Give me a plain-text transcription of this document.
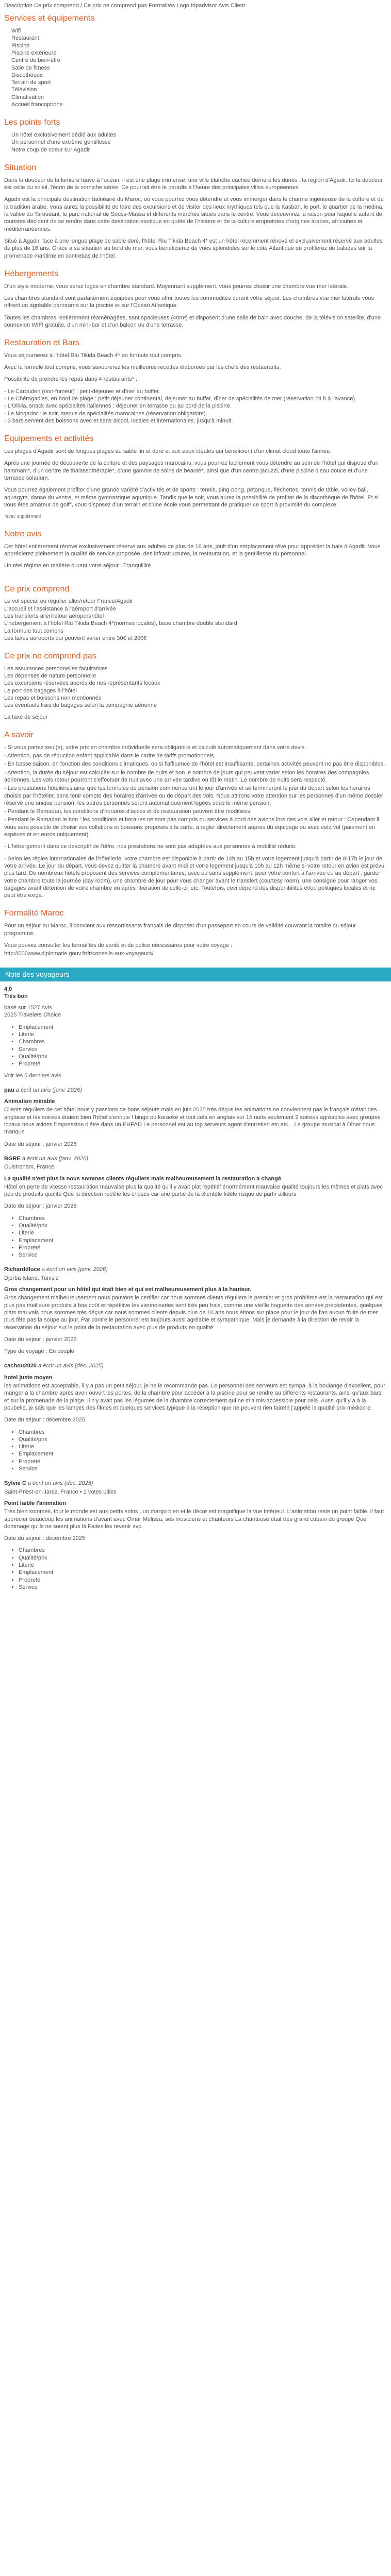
Description Ce prix comprend / Ce prix ne comprend pas Formalités Logo tripadvisor Avis Client

Services et équipements
Wifi
Restaurant
Piscine
Piscine extérieure
Centre de bien-être
Salle de fitness
Discothèque
Terrain de sport
Télévision
Climatisation
Accueil francophone
Les points forts
Un hôtel exclusivement dédié aux adultes
Un personnel d'une extrême gentillesse
Notre coup de coeur sur Agadir
Situation

Dans la douceur de la lumière fauve à l'océan, il est une plage immense, une ville blanche cachée derrière les dunes : la région d'Agadir. Ici la douceur est celle du soleil, l'écrin de la corniche aérée. Ce pourrait être le paradis à l'heure des principales villes européennes.

Agadir est la principale destination balnéaire du Maroc, où vous pourrez vous détendre et vous immerger dans le charme ingénieuse de la culture et de la tradition arabe. Vous aurez la possibilité de faire des excursions et de visiter des lieux mythiques tels que la Kasbah, le port, le quartier de la médina, la vallée du Taroudant, le parc national de Souss-Massa et différents marchés situés dans le centre. Vous découvrirez la raison pour laquelle autant de touristes décident de se rendre dans cette destination exotique en quête de l'histoire et de la culture empreintes d'origines arabes, africaines et méditerranéennes.

Situé à Agadir, face à une longue plage de sable doré, l'hôtel Riu Tikida Beach 4* est un hôtel récemment rénové et exclusivement réservé aux adultes de plus de 16 ans. Grâce à sa situation au bord de mer, vous bénéficierez de vues splendides sur le côte Atlantique ou profiterez de balades sur la promenade maritime en contrebas de l'hôtel.

Hébergements

D'un style moderne, vous serez logés en chambre standard. Moyennant supplément, vous pourrez choisir une chambre vue mer latérale.

Les chambres standard sont parfaitement équipées pour vous offrir toutes les commodités durant votre séjour. Les chambres vue mer latérale vous offrent un agréable panorama sur la piscine et sur l'Océan Atlantique.

Toutes les chambres, entièrement réaménagées, sont spacieuses (40m²) et disposent d'une salle de bain avec douche, de la télévision satellite, d'une connexion WIFI gratuite, d'un mini-bar et d'un balcon ou d'une terrasse.

Restauration et Bars

Vous séjournerez à l'hôtel Riu Tikida Beach 4* en formule tout compris.

Avec la formule tout compris, vous savourerez les meilleures recettes élaborées par les chefs des restaurants.

Possibilité de prendre les repas dans 4 restaurants* :

- Le Carouden (non-fumeur) : petit-déjeuner et dîner au buffet.
- Le Chéragadies, en bord de plage : petit-déjeuner continental, déjeuner au buffet, dîner de spécialités de mer (réservation 24 h à l'avance).
- L'Olivia, snack avec spécialités italiennes : déjeuner en terrasse ou au bord de la piscine.
- Le Mogador : le soir, menus de spécialités marocaines (réservation obligatoire).
- 3 bars servent des boissons avec et sans alcool, locales et internationales, jusqu'à minuit.
Equipements et activités

Les plages d'Agadir sont de longues plages au sable fin et doré et aux eaux idéales qui bénéficient d'un climat cloud toute l'année.

Après une journée de découverte de la culture et des paysages marocains, vous pourrez facilement vous détendre au sein de l'hôtel qui dispose d'un hammam*, d'un centre de thalassothérapie*, d'une gamme de soins de beauté*, ainsi que d'un centre jacuzzi, d'une piscine d'eau douce et d'une terrasse solarium.

Vous pourrez également profiter d'une grande variété d'activités et de sports : tennis, ping-pong, pétanque, fléchettes, tennis de table, volley-ball, aquagym, danse du ventre, et même gymnastique aquatique. Tandis que le soir, vous aurez la possibilité de profiter de la discothèque de l'hôtel. Et si vous êtes amateur de golf*, vous disposez d'un terrain et d'une école vous permettant de pratiquer ce sport à proximité du complexe.

*avec supplément

Notre avis

Cet hôtel entièrement rénové exclusivement réservé aux adultes de plus de 16 ans, jouit d'un emplacement rêvé pour apprécier la baie d'Agadir. Vous apprécierez pleinement la qualité de service proposée, des infrastructures, la restauration, et la gentillesse du personnel.

Un réel régime en matière durant votre séjour : Tranquillité

Ce prix comprend
Le vol spécial ou régulier aller/retour France/Agadir
L'accueil et l'assistance à l'aéroport d'arrivée
Les transferts aller/retour aéroport/hôtel
L'hébergement à l'hôtel Riu Tikida Beach 4*(normes locales), base chambre double standard
La formule tout compris
Les taxes aéroports qui peuvent varier entre 30€ et 200€
Ce prix ne comprend pas
Les assurances personnelles facultatives
Les dépenses de nature personnelle
Les excursions réservées auprès de nos représentants locaux
Le port des bagages à l'hôtel
Les repas et boissons non mentionnés
Les éventuels frais de bagages selon la compagnie aérienne

La taxe de séjour

A savoir

- Si vous partez seul(e), votre prix en chambre individuelle sera obligatoire et calculé automatiquement dans votre devis.

- Attention, pas de réduction enfant applicable dans le cadre de tarifs promotionnels.

- En basse saison, en fonction des conditions climatiques, ou si l'affluence de l'hôtel est insuffisante, certaines activités peuvent ne pas être disponibles.

- Attention, la durée du séjour est calculée sur le nombre de nuits et non le nombre de jours qui peuvent varier selon les horaires des compagnies aériennes. Les vols retour pourront s'effectuer de nuit avec une arrivée tardive ou tôt le matin. Le nombre de nuits sera respecté.

- Les prestations hôtelières ainsi que les formules de pension commenceront le jour d'arrivée et se termineront le jour du départ selon les horaires choisis par l'hôtelier, sans tenir compte des horaires d'arrivée ou de départ des vols. Nous attirons votre attention sur les personnes d'un même dossier réservé une unique pension, les autres personnes seront automatiquement logées sous le même pension.

- Pendant le Ramadan, les conditions d'horaires d'accès et de restauration peuvent être modifiées.

- Pendant le Ramadan le bon : les conditions et horaires ne sont pas compris ou services à bord des avions lors des vols aller et retour : Cependant il vous sera possible de choisir vos collations et boissons proposés à la carte, à régler directement auprès du équipage ou avec cela vol (paiement en espèces et en euros uniquement).

- L'hébergement dans ce descriptif de l'offre, nos prestations ne sont pas adaptées aux personnes à mobilité réduite.

- Selon les règles internationales de l'hôtellerie, votre chambre est disponible à partir de 14h au 15h et votre logement jusqu'à partir de 8-17h le jour de votre arrivée. Le jour du départ, vous devez quitter la chambre avant midi et votre logement jusqu'à 10h au 12h même si votre retour en avion est prévu plus tard. De nombreux hôtels proposent des services complémentaires, avec ou sans supplément, pour votre confort à l'arrivée ou au départ : garder votre chambre toute la journée (day room), une chambre de jour pour vous changer avant le transfert (courtesy room), une consigne pour ranger vos bagages avant détention de votre chambre ou après libération de celle-ci, etc. Toutefois, ceci dépend des disponibilités et/ou politiques locales et ne peut être exigé.

Formalité Maroc

Pour un séjour au Maroc, il convient aux ressortissants français de disposer d'un passeport en cours de validité couvrant la totalité du séjour programmé.

Vous pouvez consulter les formalités de santé et de police nécessaires pour votre voyage :

http://000www.diplomatie.gouv.fr/fr/conseils-aux-voyageurs/

Note des voyageurs

4,0

Très bon

basé sur 1527 Avis

2025 Travelers Choice

• Emplacement
• Literie
• Chambres
• Service
• Qualité/prix
• Propreté

Voir les 5 derniers avis

pau a écrit un avis (janv. 2026)

Animation minable

Clients réguliers de cet hôtel nous y passions de bons séjours mais en juin 2025 très déçus les animations ne conviennent pas le français n'était des anglaise et les soirées étaient bien l'hôtel s'ennuie ! bingo ou karaoké et tout cela en anglais sur 15 nuits seulement 2 soirées agréables avec groupes locaux nous avions l'impression d'être dans un EHPAD Le personnel est au top serveurs agent d'entretien etc etc... Le groupe musical à Dîner nous manque

Date du séjour : janvier 2026

BGRE a écrit un avis (janv. 2026)

Ouistreham, France

La qualité n'est plus la nous sommes clients réguliers mais malheureusement la restauration a changé

Hôtel en perte de vitesse restauration mauvaise plus la qualité qu'il y avait plat répétitif énormément mauvaise qualité toujours les mêmes et plats avec peu de produits qualité Que la direction rectifie les choses car une partie de la clientèle fidèle risque de partir ailleurs

Date du séjour : janvier 2026

• Chambres
• Qualité/prix
• Literie
• Emplacement
• Propreté
• Service

Richarddluce a écrit un avis (janv. 2026)

Djerba Island, Tunisie

Gros changement pour un hôtel qui était bien et qui est malheureusement plus à la hauteur.

Gros changement malheureusement nous pouvons le certifier car nous sommes clients réguliers le premier et gros problème est la restauration qui est plus pas meilleure produits à bas coût et répétitive les viennoiseries sont très peu frais, comme une vieille baguette des années précédentes, quelques plats mauvais nous sommes très déçus car nous sommes clients depuis plus de 10 ans nous étions sur place pour le jour de l'an aucun fruits de mer plus fête pas la soupe au jour. Par contre le personnel est toujours aussi agréable et sympathique. Mais je demande à la direction de revoir la réservation du séjour sur le point de la restauration avec plus de produits en qualité

Date du séjour : janvier 2026

Type de voyage : En couple

cachou2020 a écrit un avis (déc. 2025)

hotel juste moyen

les animations est acceptable, il y a pas un petit séjour, je ne le recommande pas. Le personnel des serveurs est sympa, à la boulange d'excellent, pour manger à la chambre après avoir ouvert les portes, de la chambre pour accéder à la piscine pour se rendre au différents restaurants. ainsi qu'aux bars et sur la promenade de la plage. Il n'y avait pas les légumes de la chambre correctement qui ne m'a mis accessible pour cela. Aussi qu'il y a à la poubelle, je sais que les lampes des filmes et quelques services typique à la réception que ne peuvent rien faire!!! j'appelé la qualité prix médiocre.

Date du séjour : décembre 2025

• Chambres
• Qualité/prix
• Literie
• Emplacement
• Propreté
• Service

Sylvie C a écrit un avis (déc. 2025)

Saint-Priest-en-Jarez, France • 1 votes utiles

Point faible l'animation

Très bien sommes, tout le monde est aux petits soins , un margo bien et le décor est magnifique la vue intérieur. L'animation reste un point faible, il faut apprécier beaucoup les animations d'avant avec Omar Mélissa, ses musiciens et chanteurs La chanteuse était très grand cubain du groupe Quel dommage qu'ils ne soient plus là Faites les revenir svp

Date du séjour : décembre 2025

• Chambres
• Qualité/prix
• Literie
• Emplacement
• Propreté
• Service
